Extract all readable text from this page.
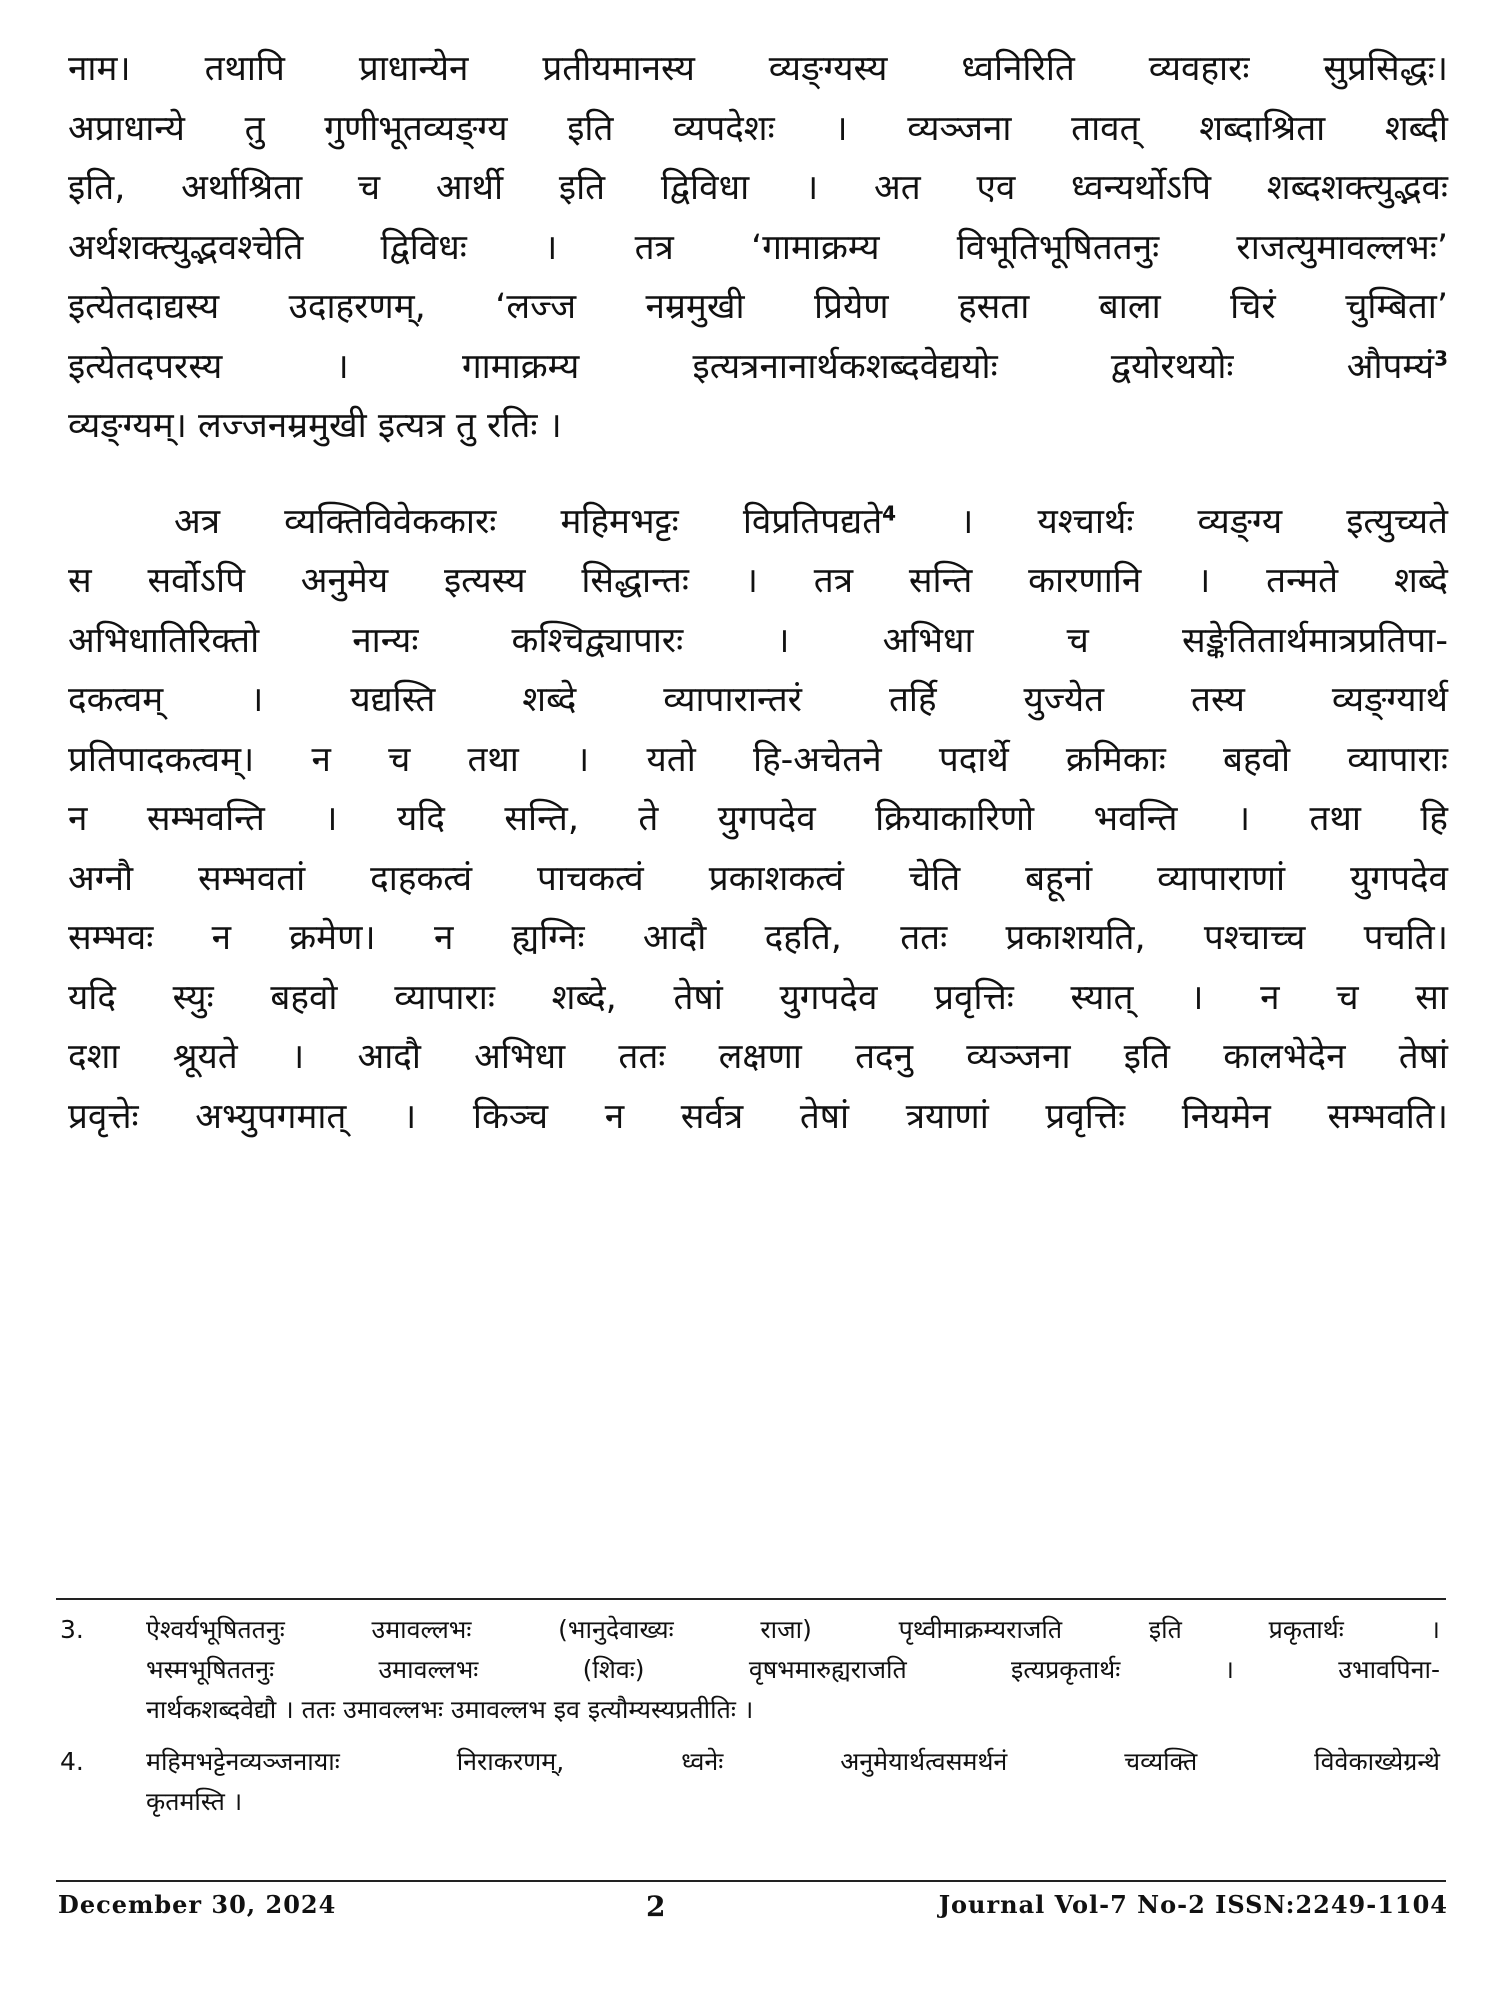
नाम। तथापि प्राधान्येन प्रतीयमानस्य व्यङ्ग्यस्य ध्वनिरिति व्यवहारः सुप्रसिद्धः।
अप्राधान्ये तु गुणीभूतव्यङ्ग्य इति व्यपदेशः । व्यञ्जना तावत् शब्दाश्रिता शब्दी
इति, अर्थाश्रिता च आर्थी इति द्विविधा । अत एव ध्वन्यर्थोऽपि शब्दशक्त्युद्भवः
अर्थशक्त्युद्भवश्चेति द्विविधः । तत्र ‘गामाक्रम्य विभूतिभूषिततनुः राजत्युमावल्लभः’
इत्येतदाद्यस्य उदाहरणम्, ‘लज्ज नम्रमुखी प्रियेण हसता बाला चिरं चुम्बिता’
इत्येतदपरस्य । गामाक्रम्य इत्यत्रनानार्थकशब्दवेद्ययोः द्वयोरथयोः औपम्यं$^3$
व्यङ्ग्यम्। लज्जनम्रमुखी इत्यत्र तु रतिः ।
अत्र व्यक्तिविवेककारः महिमभट्टः विप्रतिपद्यते$^4$ । यश्चार्थः व्यङ्ग्य इत्युच्यते
स सर्वोऽपि अनुमेय इत्यस्य सिद्धान्तः । तत्र सन्ति कारणानि । तन्मते शब्दे
अभिधातिरिक्तो नान्यः कश्चिद्व्यापारः । अभिधा च सङ्केतितार्थमात्रप्रतिपा-
दकत्वम् । यद्यस्ति शब्दे व्यापारान्तरं तर्हि युज्येत तस्य व्यङ्ग्यार्थ
प्रतिपादकत्वम्। न च तथा । यतो हि-अचेतने पदार्थे क्रमिकाः बहवो व्यापाराः
न सम्भवन्ति । यदि सन्ति, ते युगपदेव क्रियाकारिणो भवन्ति । तथा हि
अग्नौ सम्भवतां दाहकत्वं पाचकत्वं प्रकाशकत्वं चेति बहूनां व्यापाराणां युगपदेव
सम्भवः न क्रमेण। न ह्यग्निः आदौ दहति, ततः प्रकाशयति, पश्चाच्च पचति।
यदि स्युः बहवो व्यापाराः शब्दे, तेषां युगपदेव प्रवृत्तिः स्यात् । न च सा
दशा श्रूयते । आदौ अभिधा ततः लक्षणा तदनु व्यञ्जना इति कालभेदेन तेषां
प्रवृत्तेः अभ्युपगमात् । किञ्च न सर्वत्र तेषां त्रयाणां प्रवृत्तिः नियमेन सम्भवति।
3.	ऐश्वर्यभूषिततनुः उमावल्लभः (भानुदेवाख्यः राजा) पृथ्वीमाक्रम्यराजति इति प्रकृतार्थः ।
भस्मभूषिततनुः उमावल्लभः (शिवः) वृषभमारुह्यराजति इत्यप्रकृतार्थः । उभावपिना-
नार्थकशब्दवेद्यौ । ततः उमावल्लभः उमावल्लभ इव इत्यौम्यस्यप्रतीतिः ।
4.	महिमभट्टेनव्यञ्जनायाः निराकरणम्, ध्वनेः अनुमेयार्थत्वसमर्थनं चव्यक्ति विवेकाख्येग्रन्थे
कृतमस्ति ।
December 30, 2024	2	Journal Vol-7 No-2 ISSN:2249-1104
